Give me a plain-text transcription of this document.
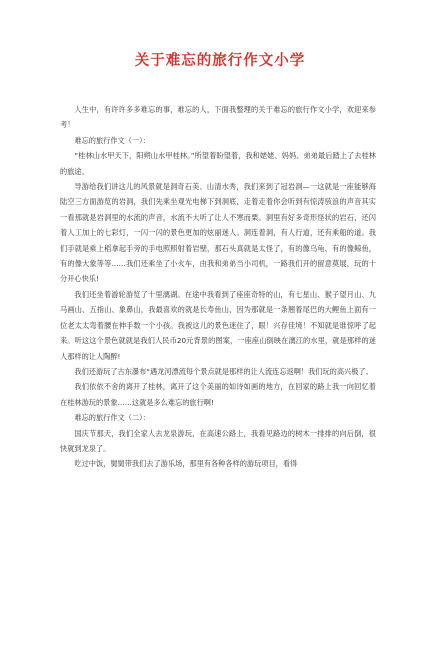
关于难忘的旅行作文小学

人生中，有许许多多难忘的事，难忘的人，下面我整理的关于难忘的旅行作文小学，欢迎来参考！

难忘的旅行作文（一）：

“桂林山水甲天下，阳朔山水甲桂林。”所望着盼望着，我和姥姥、妈妈、弟弟最后踏上了去桂林的旅途。

导游给我们讲这儿的风景就是洞奇石美、山清水秀，我们来到了冠岩洞—一这就是一座能够海陆空三方面游览的岩洞，我们先乘坐观光电梯下到洞底，走着走着你会听到有惊涛骇浪的声音其实一看那就是岩洞里的水流的声音，水流不大听了让人不寒而栗。洞里有好多奇形怪状的岩石，还闪着人工加上的七彩灯，一闪一闪的景色更加的炫丽迷人。洞连着洞，有人行道，还有乘船的道。我们手就是乘上稻拿起手旁的手电照照射着岩壁，那石头真就是太怪了，有的像乌龟、有的像鲸鱼，有的像大象等等……我们还乘坐了小火车，由我和弟弟当小司机，一路我们开的留意莫展，玩的十分开心快乐!

我们还坐着游轮游览了十里漓湖。在途中我看到了座座奇特的山，有七星山、猴子望月山、九马画山、五指山、象鼻山，我最喜欢的就是长寿鱼山，因为那就是一条翘着尾巴的大鲤鱼上面有一位老太太弯着腰在伸手数一个小孩。我被这儿的景色迷住了，眼！兴存佳境！不知就是谁惊呼了起来。听这这个景色就就是我们人民币20元背景的图案，一座座山倒映在漓江的水里，就是那样的迷人那样的让人陶醉!

我们还游玩了古东瀑布“遇龙河漂流每个景点就是那样的让人流连忘返啊！我们玩的高兴极了。

我们依依不舍的离开了桂林，离开了这个美丽的如诗如画的地方，在回家的路上我一向回忆着在桂林游玩的景象……这就是多么难忘的旅行啊!

难忘的旅行作文（二）：

国庆节那天，我们全家人去龙泉游玩，在高速公路上，我看见路边的树木一排排的向后倒，很快就到龙泉了。

吃过中饭，舅舅带我们去了游乐场，那里有各种各样的游玩项目，看得
